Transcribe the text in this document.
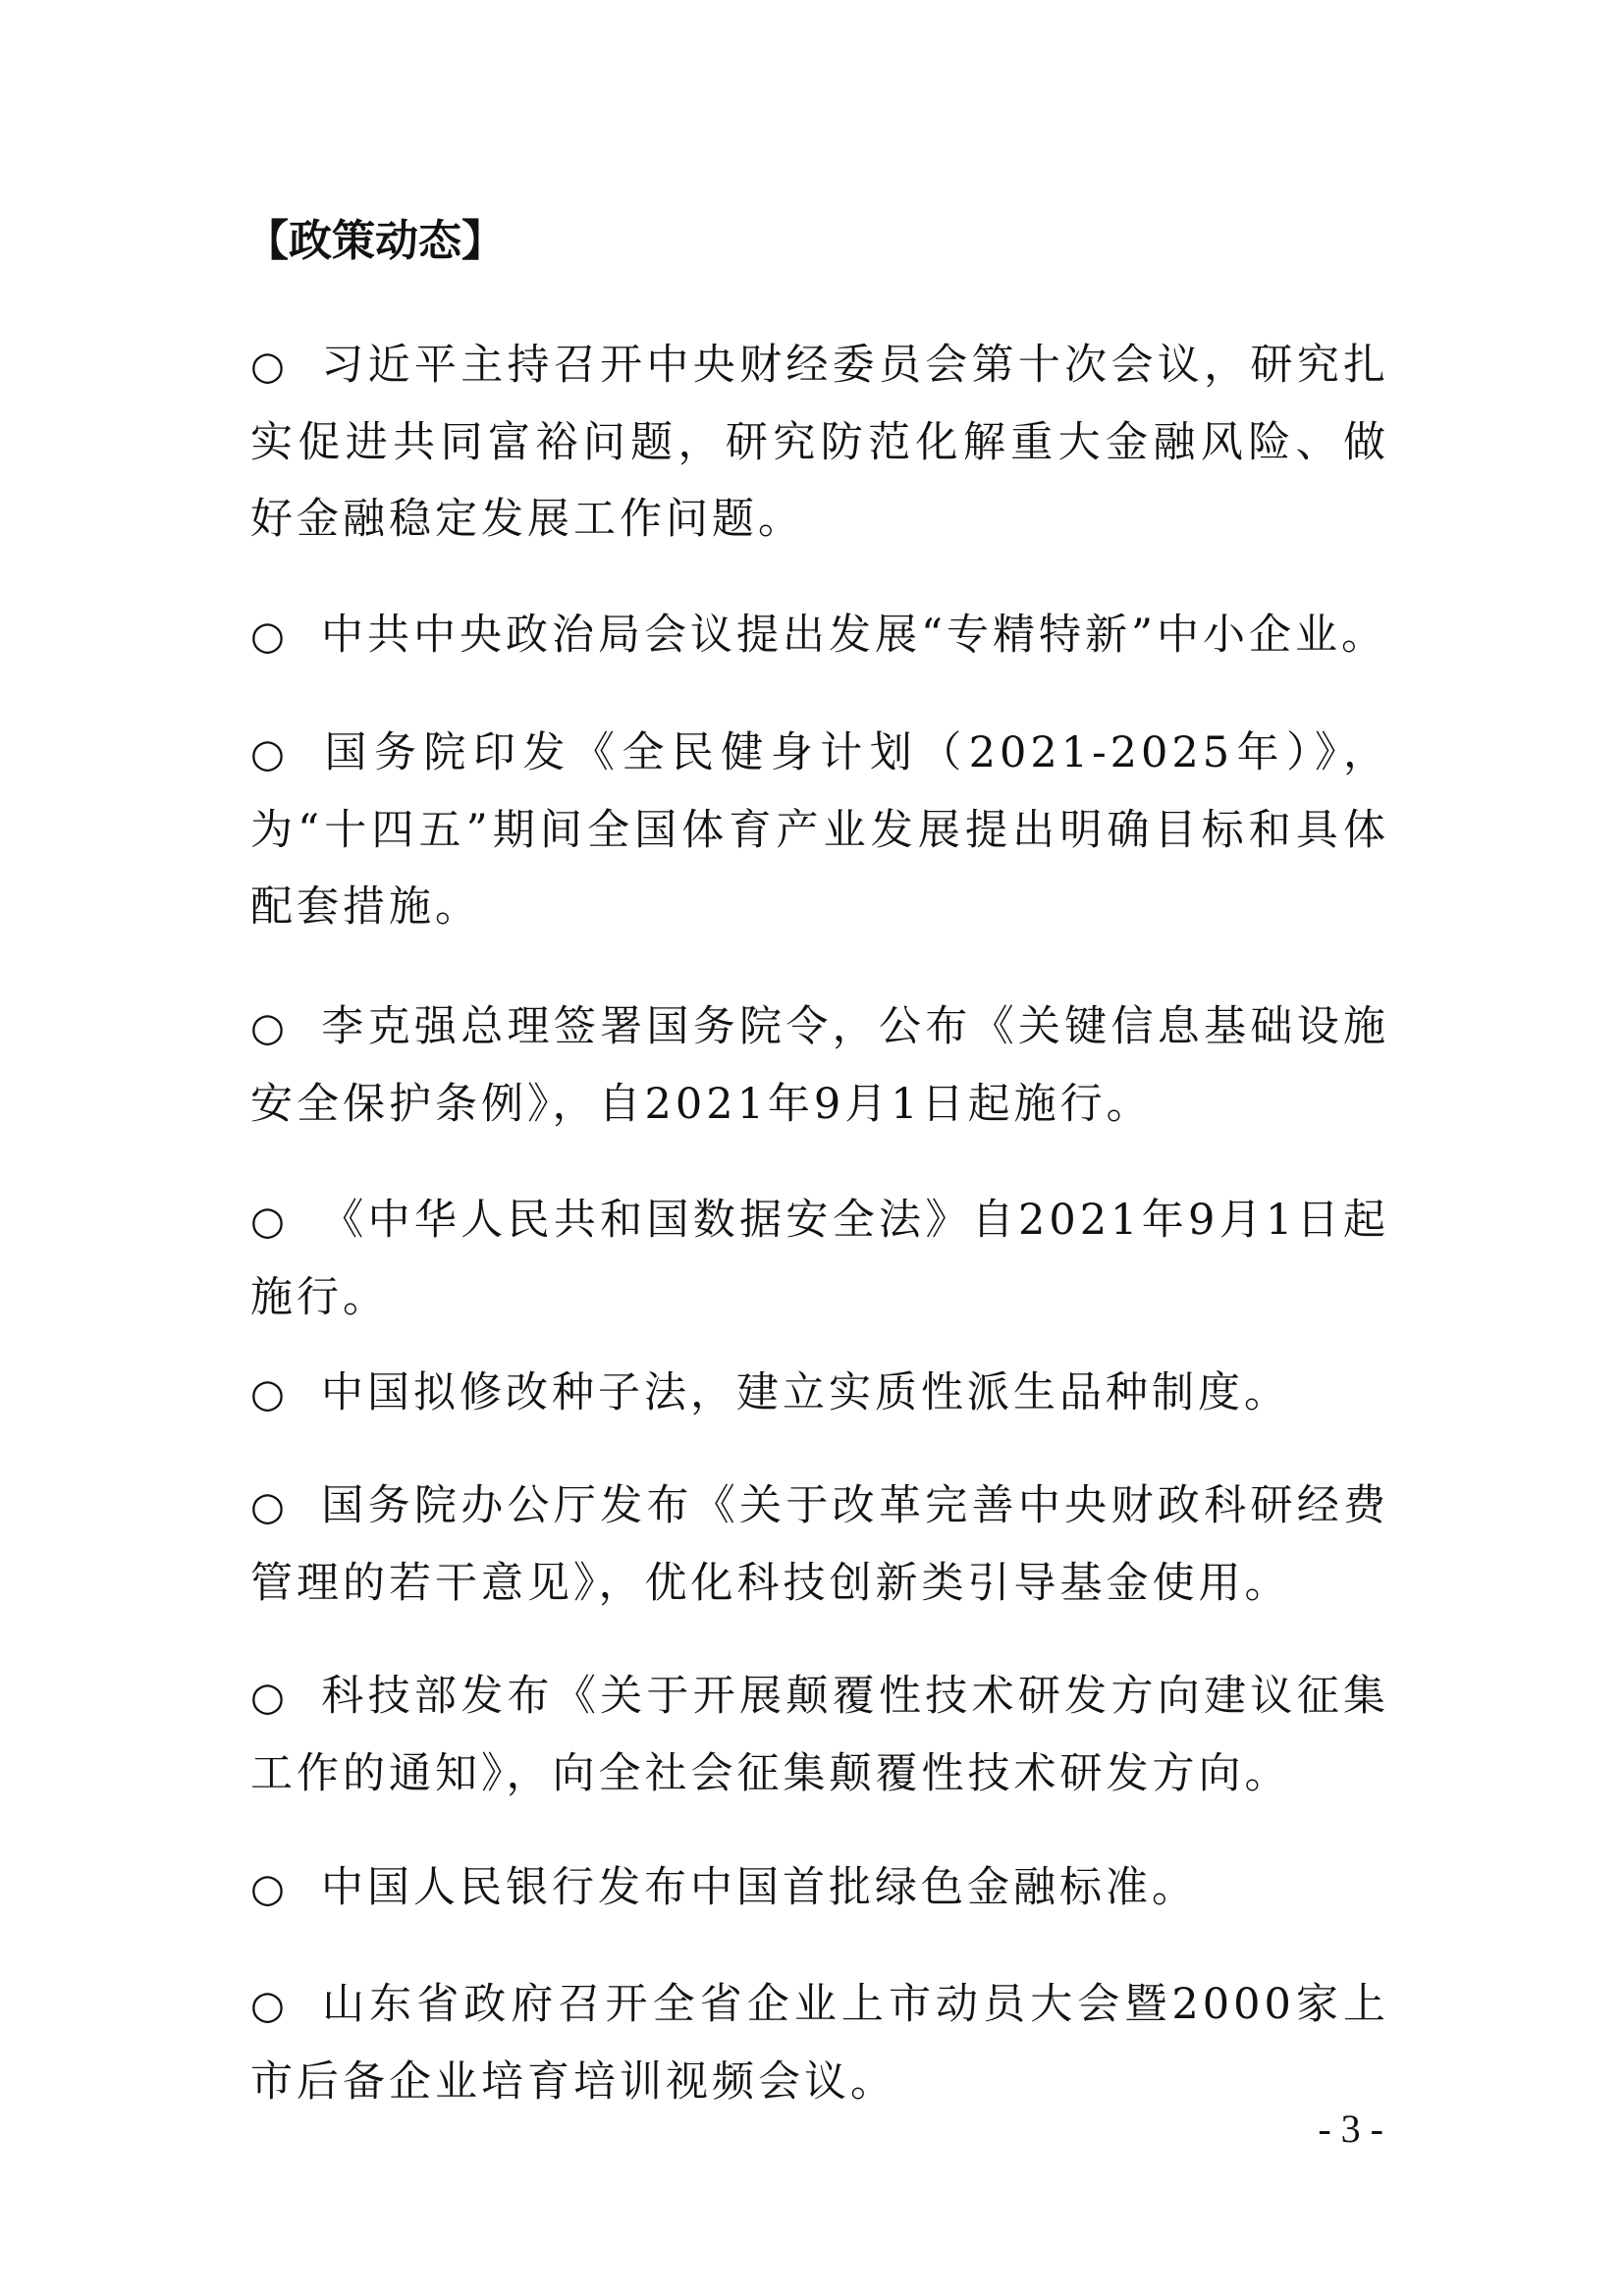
【政策动态】
○ 习近平主持召开中央财经委员会第十次会议，研究扎实促进共同富裕问题，研究防范化解重大金融风险、做好金融稳定发展工作问题。
○ 中共中央政治局会议提出发展“专精特新”中小企业。
○ 国务院印发《全民健身计划（2021-2025年）》，为“十四五”期间全国体育产业发展提出明确目标和具体配套措施。
○ 李克强总理签署国务院令，公布《关键信息基础设施安全保护条例》，自2021年9月1日起施行。
○ 《中华人民共和国数据安全法》自2021年9月1日起施行。
○ 中国拟修改种子法，建立实质性派生品种制度。
○ 国务院办公厅发布《关于改革完善中央财政科研经费管理的若干意见》，优化科技创新类引导基金使用。
○ 科技部发布《关于开展颠覆性技术研发方向建议征集工作的通知》，向全社会征集颠覆性技术研发方向。
○ 中国人民银行发布中国首批绿色金融标准。
○ 山东省政府召开全省企业上市动员大会暨2000家上市后备企业培育培训视频会议。
- 3 -
